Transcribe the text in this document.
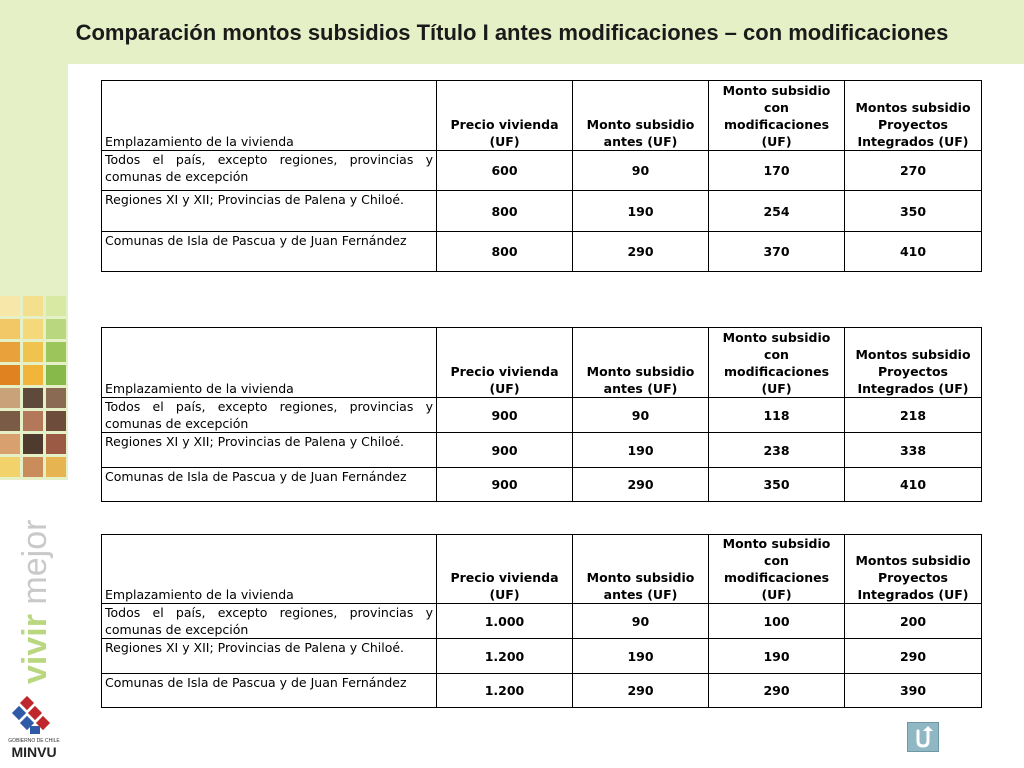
Comparación montos subsidios Título I antes modificaciones – con modificaciones
vivir mejor
GOBIERNO DE CHILE
MINVU
Emplazamiento de la vivienda	Precio vivienda (UF)	Monto subsidio antes (UF)	Monto subsidio con modificaciones (UF)	Montos subsidio Proyectos Integrados (UF)
Todos el país, excepto regiones, provincias y comunas de excepción	600	90	170	270
Regiones XI y XII; Provincias de Palena y Chiloé.	800	190	254	350
Comunas de Isla de Pascua y de Juan Fernández	800	290	370	410
Emplazamiento de la vivienda	Precio vivienda (UF)	Monto subsidio antes (UF)	Monto subsidio con modificaciones (UF)	Montos subsidio Proyectos Integrados (UF)
Todos el país, excepto regiones, provincias y comunas de excepción	900	90	118	218
Regiones XI y XII; Provincias de Palena y Chiloé.	900	190	238	338
Comunas de Isla de Pascua y de Juan Fernández	900	290	350	410
Emplazamiento de la vivienda	Precio vivienda (UF)	Monto subsidio antes (UF)	Monto subsidio con modificaciones (UF)	Montos subsidio Proyectos Integrados (UF)
Todos el país, excepto regiones, provincias y comunas de excepción	1.000	90	100	200
Regiones XI y XII; Provincias de Palena y Chiloé.	1.200	190	190	290
Comunas de Isla de Pascua y de Juan Fernández	1.200	290	290	390
